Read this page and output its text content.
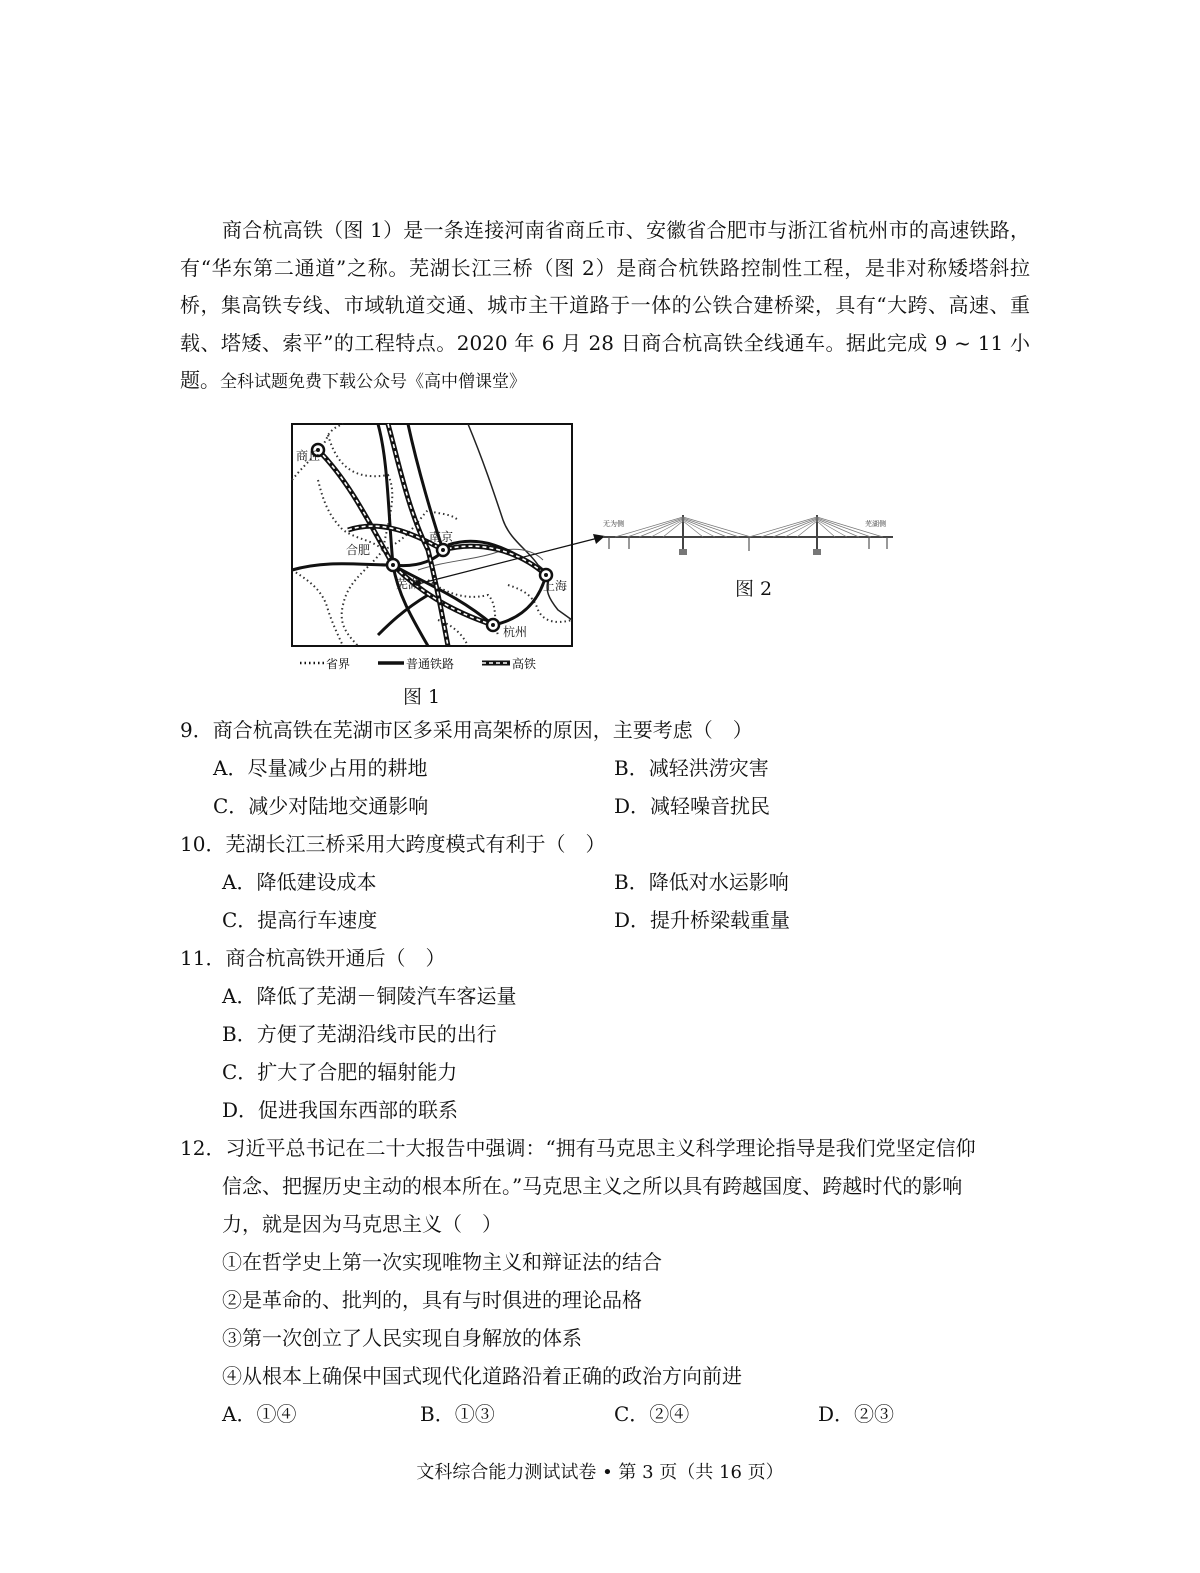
商合杭高铁（图 1）是一条连接河南省商丘市、安徽省合肥市与浙江省杭州市的高速铁路，有“华东第二通道”之称。芜湖长江三桥（图 2）是商合杭铁路控制性工程，是非对称矮塔斜拉桥，集高铁专线、市域轨道交通、城市主干道路于一体的公铁合建桥梁，具有“大跨、高速、重载、塔矮、索平”的工程特点。2020 年 6 月 28 日商合杭高铁全线通车。据此完成 9 ~ 11 小题。全科试题免费下载公众号《高中僧课堂》

商丘
合肥
南京
芜湖	上海
杭州
省界	普通铁路	高铁
图 1
无为侧	芜湖侧
图 2
9．商合杭高铁在芜湖市区多采用高架桥的原因，主要考虑（　）
A．尽量减少占用的耕地	B．减轻洪涝灾害
C．减少对陆地交通影响	D．减轻噪音扰民
10．芜湖长江三桥采用大跨度模式有利于（　）
A．降低建设成本	B．降低对水运影响
C．提高行车速度	D．提升桥梁载重量
11．商合杭高铁开通后（　）
A．降低了芜湖－铜陵汽车客运量
B．方便了芜湖沿线市民的出行
C．扩大了合肥的辐射能力
D．促进我国东西部的联系
12．习近平总书记在二十大报告中强调：“拥有马克思主义科学理论指导是我们党坚定信仰
信念、把握历史主动的根本所在。”马克思主义之所以具有跨越国度、跨越时代的影响
力，就是因为马克思主义（　）
①在哲学史上第一次实现唯物主义和辩证法的结合
②是革命的、批判的，具有与时俱进的理论品格
③第一次创立了人民实现自身解放的体系
④从根本上确保中国式现代化道路沿着正确的政治方向前进
A．①④	B．①③	C．②④	D．②③
文科综合能力测试试卷 • 第 3 页（共 16 页）
